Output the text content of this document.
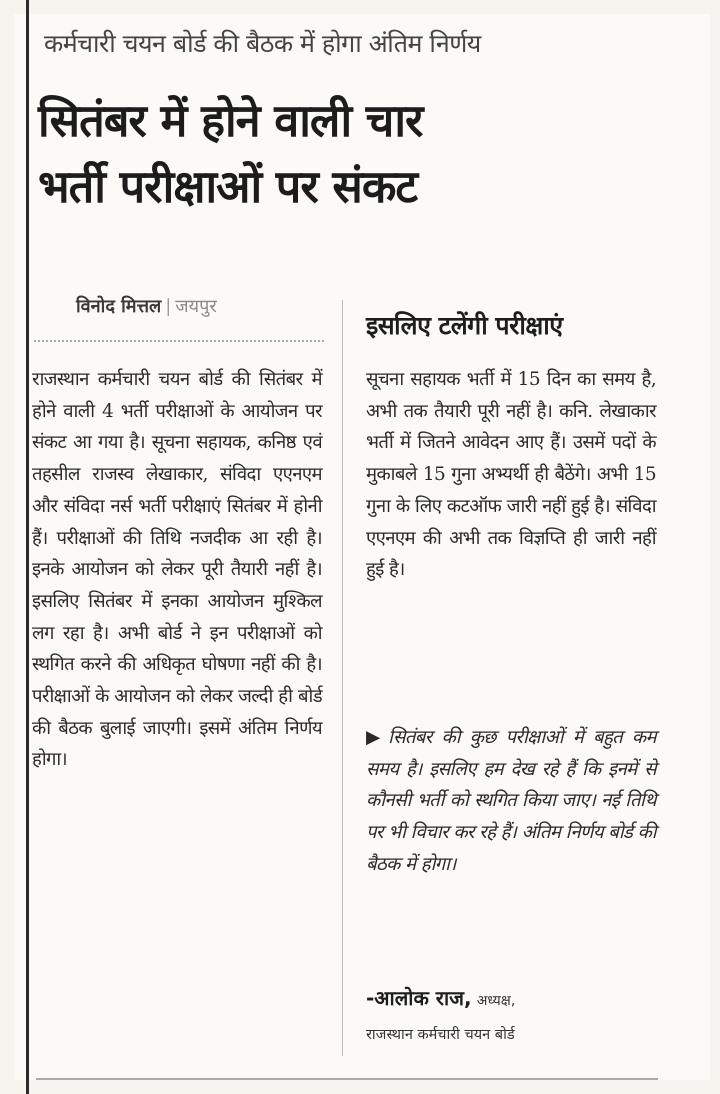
कर्मचारी चयन बोर्ड की बैठक में होगा अंतिम निर्णय
सितंबर में होने वाली चार
भर्ती परीक्षाओं पर संकट
विनोद मित्तल | जयपुर
राजस्थान कर्मचारी चयन बोर्ड की सितंबर में होने वाली 4 भर्ती परीक्षाओं के आयोजन पर संकट आ गया है। सूचना सहायक, कनिष्ठ एवं तहसील राजस्व लेखाकार, संविदा एएनएम और संविदा नर्स भर्ती परीक्षाएं सितंबर में होनी हैं। परीक्षाओं की तिथि नजदीक आ रही है। इनके आयोजन को लेकर पूरी तैयारी नहीं है। इसलिए सितंबर में इनका आयोजन मुश्किल लग रहा है। अभी बोर्ड ने इन परीक्षाओं को स्थगित करने की अधिकृत घोषणा नहीं की है। परीक्षाओं के आयोजन को लेकर जल्दी ही बोर्ड की बैठक बुलाई जाएगी। इसमें अंतिम निर्णय होगा।
इसलिए टलेंगी परीक्षाएं
सूचना सहायक भर्ती में 15 दिन का समय है, अभी तक तैयारी पूरी नहीं है। कनि. लेखाकार भर्ती में जितने आवेदन आए हैं। उसमें पदों के मुकाबले 15 गुना अभ्यर्थी ही बैठेंगे। अभी 15 गुना के लिए कटऑफ जारी नहीं हुई है। संविदा एएनएम की अभी तक विज्ञप्ति ही जारी नहीं हुई है।
▶ सितंबर की कुछ परीक्षाओं में बहुत कम समय है। इसलिए हम देख रहे हैं कि इनमें से कौनसी भर्ती को स्थगित किया जाए। नई तिथि पर भी विचार कर रहे हैं। अंतिम निर्णय बोर्ड की बैठक में होगा।
-आलोक राज, अध्यक्ष,
राजस्थान कर्मचारी चयन बोर्ड
